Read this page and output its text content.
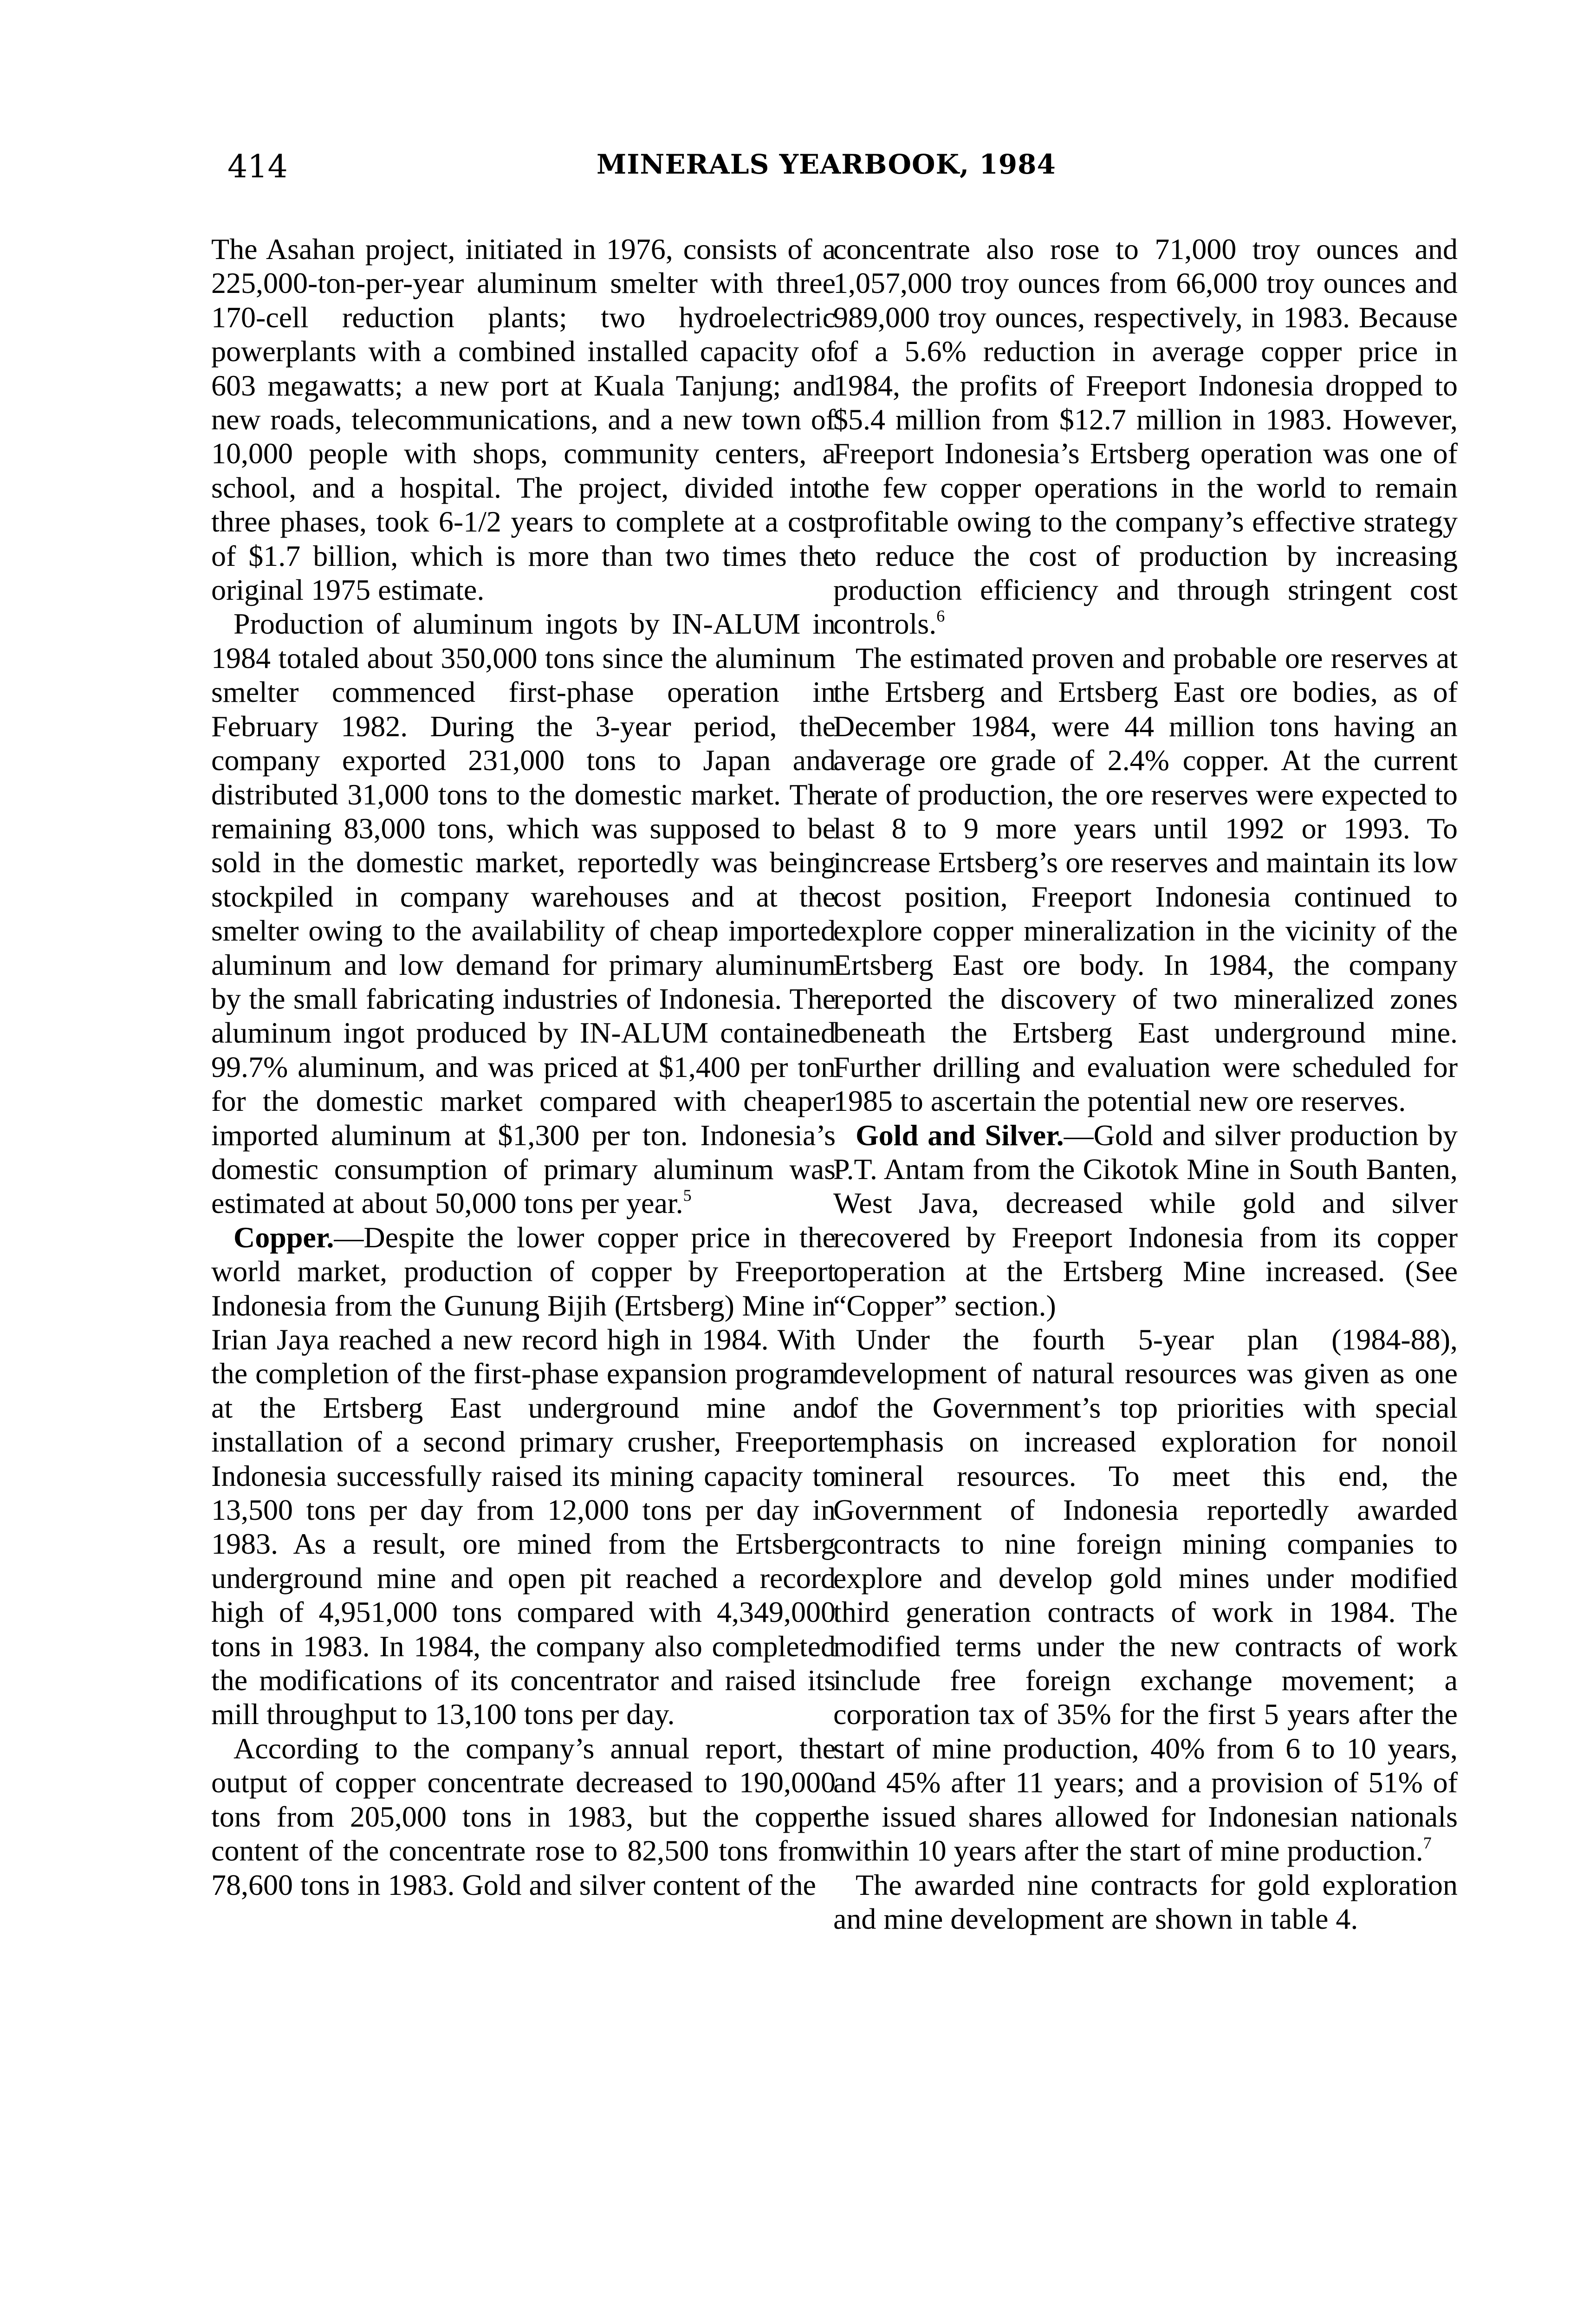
414	MINERALS YEARBOOK, 1984

The Asahan project, initiated in 1976, consists of a 225,000-ton-per-year aluminum smelter with three 170-cell reduction plants; two hydroelectric powerplants with a combined installed capacity of 603 megawatts; a new port at Kuala Tanjung; and new roads, telecommunications, and a new town of 10,000 people with shops, community centers, a school, and a hospital. The project, divided into three phases, took 6-1/2 years to complete at a cost of $1.7 billion, which is more than two times the original 1975 estimate.

Production of aluminum ingots by IN-ALUM in 1984 totaled about 350,000 tons since the aluminum smelter commenced first-phase operation in February 1982. During the 3-year period, the company exported 231,000 tons to Japan and distributed 31,000 tons to the domestic market. The remaining 83,000 tons, which was supposed to be sold in the domestic market, reportedly was being stockpiled in company warehouses and at the smelter owing to the availability of cheap imported aluminum and low demand for primary aluminum by the small fabricating industries of Indonesia. The aluminum ingot produced by IN-ALUM contained 99.7% aluminum, and was priced at $1,400 per ton for the domestic market compared with cheaper imported aluminum at $1,300 per ton. Indonesia’s domestic consumption of primary aluminum was estimated at about 50,000 tons per year.$^5$

Copper.—Despite the lower copper price in the world market, production of copper by Freeport Indonesia from the Gunung Bijih (Ertsberg) Mine in Irian Jaya reached a new record high in 1984. With the completion of the first-phase expansion program at the Ertsberg East underground mine and installation of a second primary crusher, Freeport Indonesia successfully raised its mining capacity to 13,500 tons per day from 12,000 tons per day in 1983. As a result, ore mined from the Ertsberg underground mine and open pit reached a record high of 4,951,000 tons compared with 4,349,000 tons in 1983. In 1984, the company also completed the modifications of its concentrator and raised its mill throughput to 13,100 tons per day.

According to the company’s annual report, the output of copper concentrate decreased to 190,000 tons from 205,000 tons in 1983, but the copper content of the concentrate rose to 82,500 tons from 78,600 tons in 1983. Gold and silver content of the

concentrate also rose to 71,000 troy ounces and 1,057,000 troy ounces from 66,000 troy ounces and 989,000 troy ounces, respectively, in 1983. Because of a 5.6% reduction in average copper price in 1984, the profits of Freeport Indonesia dropped to $5.4 million from $12.7 million in 1983. However, Freeport Indonesia’s Ertsberg operation was one of the few copper operations in the world to remain profitable owing to the company’s effective strategy to reduce the cost of production by increasing production efficiency and through stringent cost controls.$^6$

The estimated proven and probable ore reserves at the Ertsberg and Ertsberg East ore bodies, as of December 1984, were 44 million tons having an average ore grade of 2.4% copper. At the current rate of production, the ore reserves were expected to last 8 to 9 more years until 1992 or 1993. To increase Ertsberg’s ore reserves and maintain its low cost position, Freeport Indonesia continued to explore copper mineralization in the vicinity of the Ertsberg East ore body. In 1984, the company reported the discovery of two mineralized zones beneath the Ertsberg East underground mine. Further drilling and evaluation were scheduled for 1985 to ascertain the potential new ore reserves.

Gold and Silver.—Gold and silver production by P.T. Antam from the Cikotok Mine in South Banten, West Java, decreased while gold and silver recovered by Freeport Indonesia from its copper operation at the Ertsberg Mine increased. (See “Copper” section.)

Under the fourth 5-year plan (1984-88), development of natural resources was given as one of the Government’s top priorities with special emphasis on increased exploration for nonoil mineral resources. To meet this end, the Government of Indonesia reportedly awarded contracts to nine foreign mining companies to explore and develop gold mines under modified third generation contracts of work in 1984. The modified terms under the new contracts of work include free foreign exchange movement; a corporation tax of 35% for the first 5 years after the start of mine production, 40% from 6 to 10 years, and 45% after 11 years; and a provision of 51% of the issued shares allowed for Indonesian nationals within 10 years after the start of mine production.$^7$

The awarded nine contracts for gold exploration and mine development are shown in table 4.
